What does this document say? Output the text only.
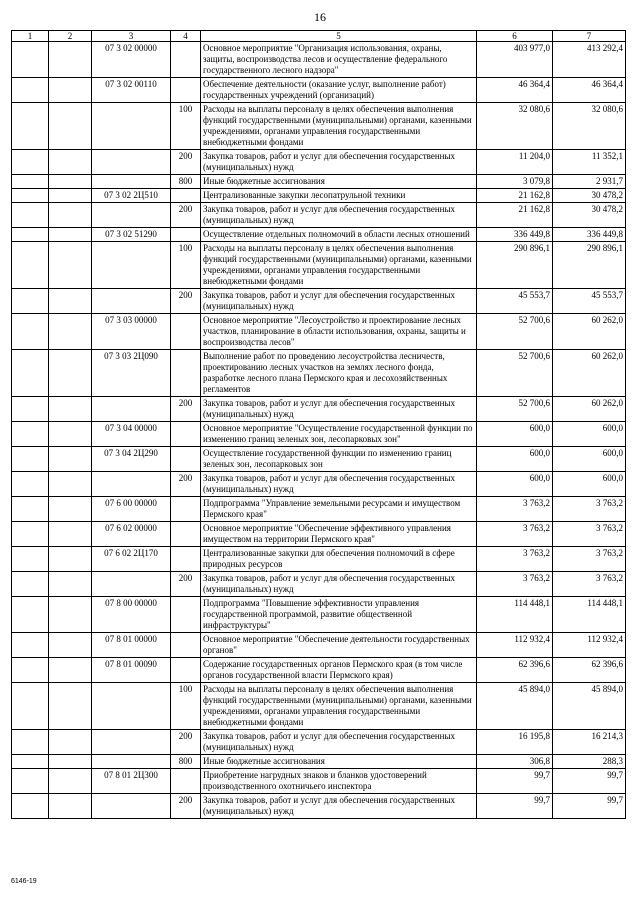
16
1	2	3	4	5	6	7
		07 3 02 00000		Основное мероприятие "Организация использования, охраны, защиты, воспроизводства лесов и осуществление федерального государственного лесного надзора"	403 977,0	413 292,4
		07 3 02 00110		Обеспечение деятельности (оказание услуг, выполнение работ) государственных учреждений (организаций)	46 364,4	46 364,4
			100	Расходы на выплаты персоналу в целях обеспечения выполнения функций государственными (муниципальными) органами, казенными учреждениями, органами управления государственными внебюджетными фондами	32 080,6	32 080,6
			200	Закупка товаров, работ и услуг для обеспечения государственных (муниципальных) нужд	11 204,0	11 352,1
			800	Иные бюджетные ассигнования	3 079,8	2 931,7
		07 3 02 2Ц510		Централизованные закупки лесопатрульной техники	21 162,8	30 478,2
			200	Закупка товаров, работ и услуг для обеспечения государственных (муниципальных) нужд	21 162,8	30 478,2
		07 3 02 51290		Осуществление отдельных полномочий в области лесных отношений	336 449,8	336 449,8
			100	Расходы на выплаты персоналу в целях обеспечения выполнения функций государственными (муниципальными) органами, казенными учреждениями, органами управления государственными внебюджетными фондами	290 896,1	290 896,1
			200	Закупка товаров, работ и услуг для обеспечения государственных (муниципальных) нужд	45 553,7	45 553,7
		07 3 03 00000		Основное мероприятие "Лесоустройство и проектирование лесных участков, планирование в области использования, охраны, защиты и воспроизводства лесов"	52 700,6	60 262,0
		07 3 03 2Ц090		Выполнение работ по проведению лесоустройства лесничеств, проектированию лесных участков на землях лесного фонда, разработке лесного плана Пермского края и лесохозяйственных регламентов	52 700,6	60 262,0
			200	Закупка товаров, работ и услуг для обеспечения государственных (муниципальных) нужд	52 700,6	60 262,0
		07 3 04 00000		Основное мероприятие "Осуществление государственной функции по изменению границ зеленых зон, лесопарковых зон"	600,0	600,0
		07 3 04 2Ц290		Осуществление государственной функции по изменению границ зеленых зон, лесопарковых зон	600,0	600,0
			200	Закупка товаров, работ и услуг для обеспечения государственных (муниципальных) нужд	600,0	600,0
		07 6 00 00000		Подпрограмма "Управление земельными ресурсами и имуществом Пермского края"	3 763,2	3 763,2
		07 6 02 00000		Основное мероприятие "Обеспечение эффективного управления имуществом на территории Пермского края"	3 763,2	3 763,2
		07 6 02 2Ц170		Централизованные закупки для обеспечения полномочий в сфере природных ресурсов	3 763,2	3 763,2
			200	Закупка товаров, работ и услуг для обеспечения государственных (муниципальных) нужд	3 763,2	3 763,2
		07 8 00 00000		Подпрограмма "Повышение эффективности управления государственной программой, развитие общественной инфраструктуры"	114 448,1	114 448,1
		07 8 01 00000		Основное мероприятие "Обеспечение деятельности государственных органов"	112 932,4	112 932,4
		07 8 01 00090		Содержание государственных органов Пермского края (в том числе органов государственной власти Пермского края)	62 396,6	62 396,6
			100	Расходы на выплаты персоналу в целях обеспечения выполнения функций государственными (муниципальными) органами, казенными учреждениями, органами управления государственными внебюджетными фондами	45 894,0	45 894,0
			200	Закупка товаров, работ и услуг для обеспечения государственных (муниципальных) нужд	16 195,8	16 214,3
			800	Иные бюджетные ассигнования	306,8	288,3
		07 8 01 2Ц300		Приобретение нагрудных знаков и бланков удостоверений производственного охотничьего инспектора	99,7	99,7
			200	Закупка товаров, работ и услуг для обеспечения государственных (муниципальных) нужд	99,7	99,7
6146-19
